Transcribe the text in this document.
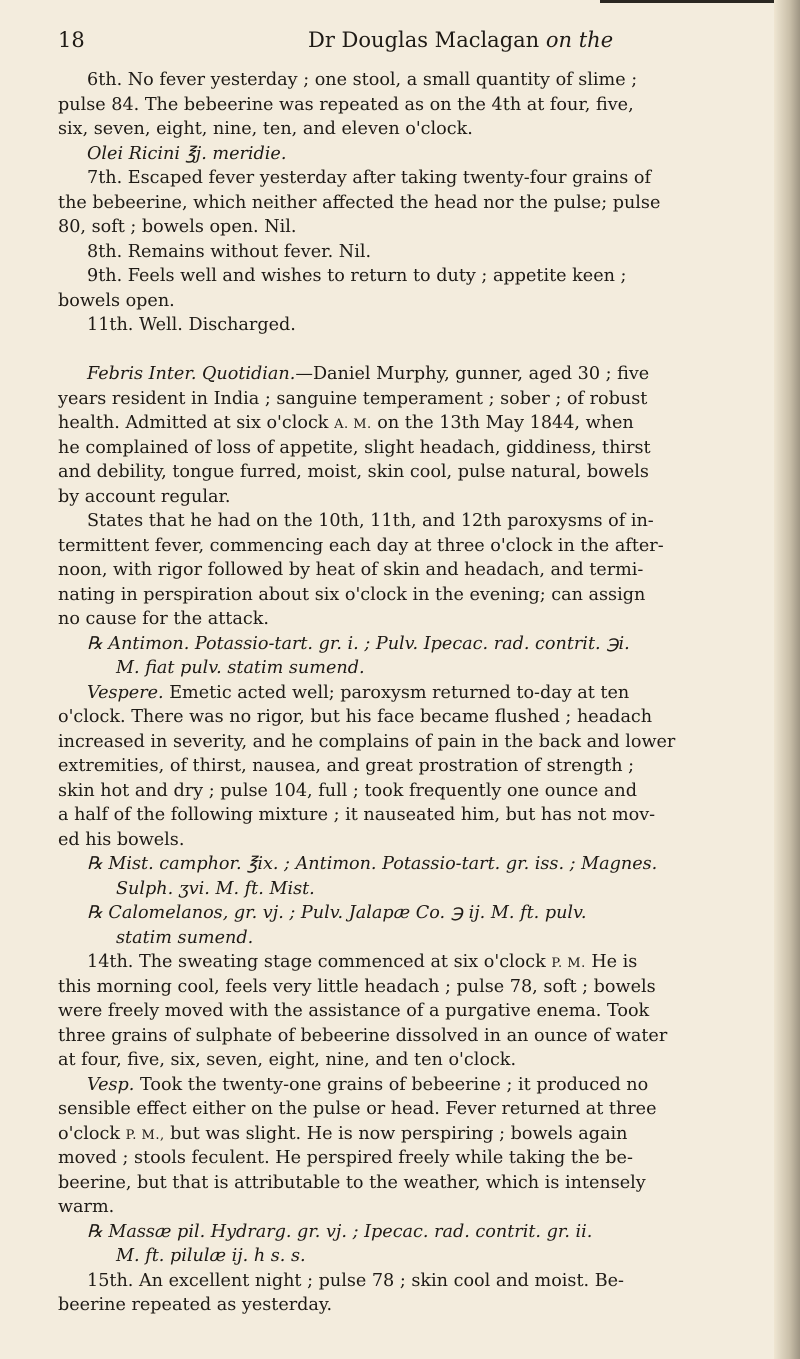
18	Dr Douglas Maclagan on the
6th. No fever yesterday ; one stool, a small quantity of slime ;
pulse 84. The bebeerine was repeated as on the 4th at four, five,
six, seven, eight, nine, ten, and eleven o'clock.
Olei Ricini ℥j. meridie.
7th. Escaped fever yesterday after taking twenty-four grains of
the bebeerine, which neither affected the head nor the pulse; pulse
80, soft ; bowels open. Nil.
8th. Remains without fever. Nil.
9th. Feels well and wishes to return to duty ; appetite keen ;
bowels open.
11th. Well. Discharged.
Febris Inter. Quotidian.—Daniel Murphy, gunner, aged 30 ; five
years resident in India ; sanguine temperament ; sober ; of robust
health. Admitted at six o'clock A. M. on the 13th May 1844, when
he complained of loss of appetite, slight headach, giddiness, thirst
and debility, tongue furred, moist, skin cool, pulse natural, bowels
by account regular.
States that he had on the 10th, 11th, and 12th paroxysms of in-
termittent fever, commencing each day at three o'clock in the after-
noon, with rigor followed by heat of skin and headach, and termi-
nating in perspiration about six o'clock in the evening; can assign
no cause for the attack.
℞ Antimon. Potassio-tart. gr. i. ; Pulv. Ipecac. rad. contrit. ℈i.
M. fiat pulv. statim sumend.
Vespere. Emetic acted well; paroxysm returned to-day at ten
o'clock. There was no rigor, but his face became flushed ; headach
increased in severity, and he complains of pain in the back and lower
extremities, of thirst, nausea, and great prostration of strength ;
skin hot and dry ; pulse 104, full ; took frequently one ounce and
a half of the following mixture ; it nauseated him, but has not mov-
ed his bowels.
℞ Mist. camphor. ℥ix. ; Antimon. Potassio-tart. gr. iss. ; Magnes.
Sulph. ʒvi. M. ft. Mist.
℞ Calomelanos, gr. vj. ; Pulv. Jalapæ Co. ℈ ij. M. ft. pulv.
statim sumend.
14th. The sweating stage commenced at six o'clock P. M. He is
this morning cool, feels very little headach ; pulse 78, soft ; bowels
were freely moved with the assistance of a purgative enema. Took
three grains of sulphate of bebeerine dissolved in an ounce of water
at four, five, six, seven, eight, nine, and ten o'clock.
Vesp. Took the twenty-one grains of bebeerine ; it produced no
sensible effect either on the pulse or head. Fever returned at three
o'clock P. M., but was slight. He is now perspiring ; bowels again
moved ; stools feculent. He perspired freely while taking the be-
beerine, but that is attributable to the weather, which is intensely
warm.
℞ Massæ pil. Hydrarg. gr. vj. ; Ipecac. rad. contrit. gr. ii.
M. ft. pilulæ ij. h s. s.
15th. An excellent night ; pulse 78 ; skin cool and moist. Be-
beerine repeated as yesterday.
